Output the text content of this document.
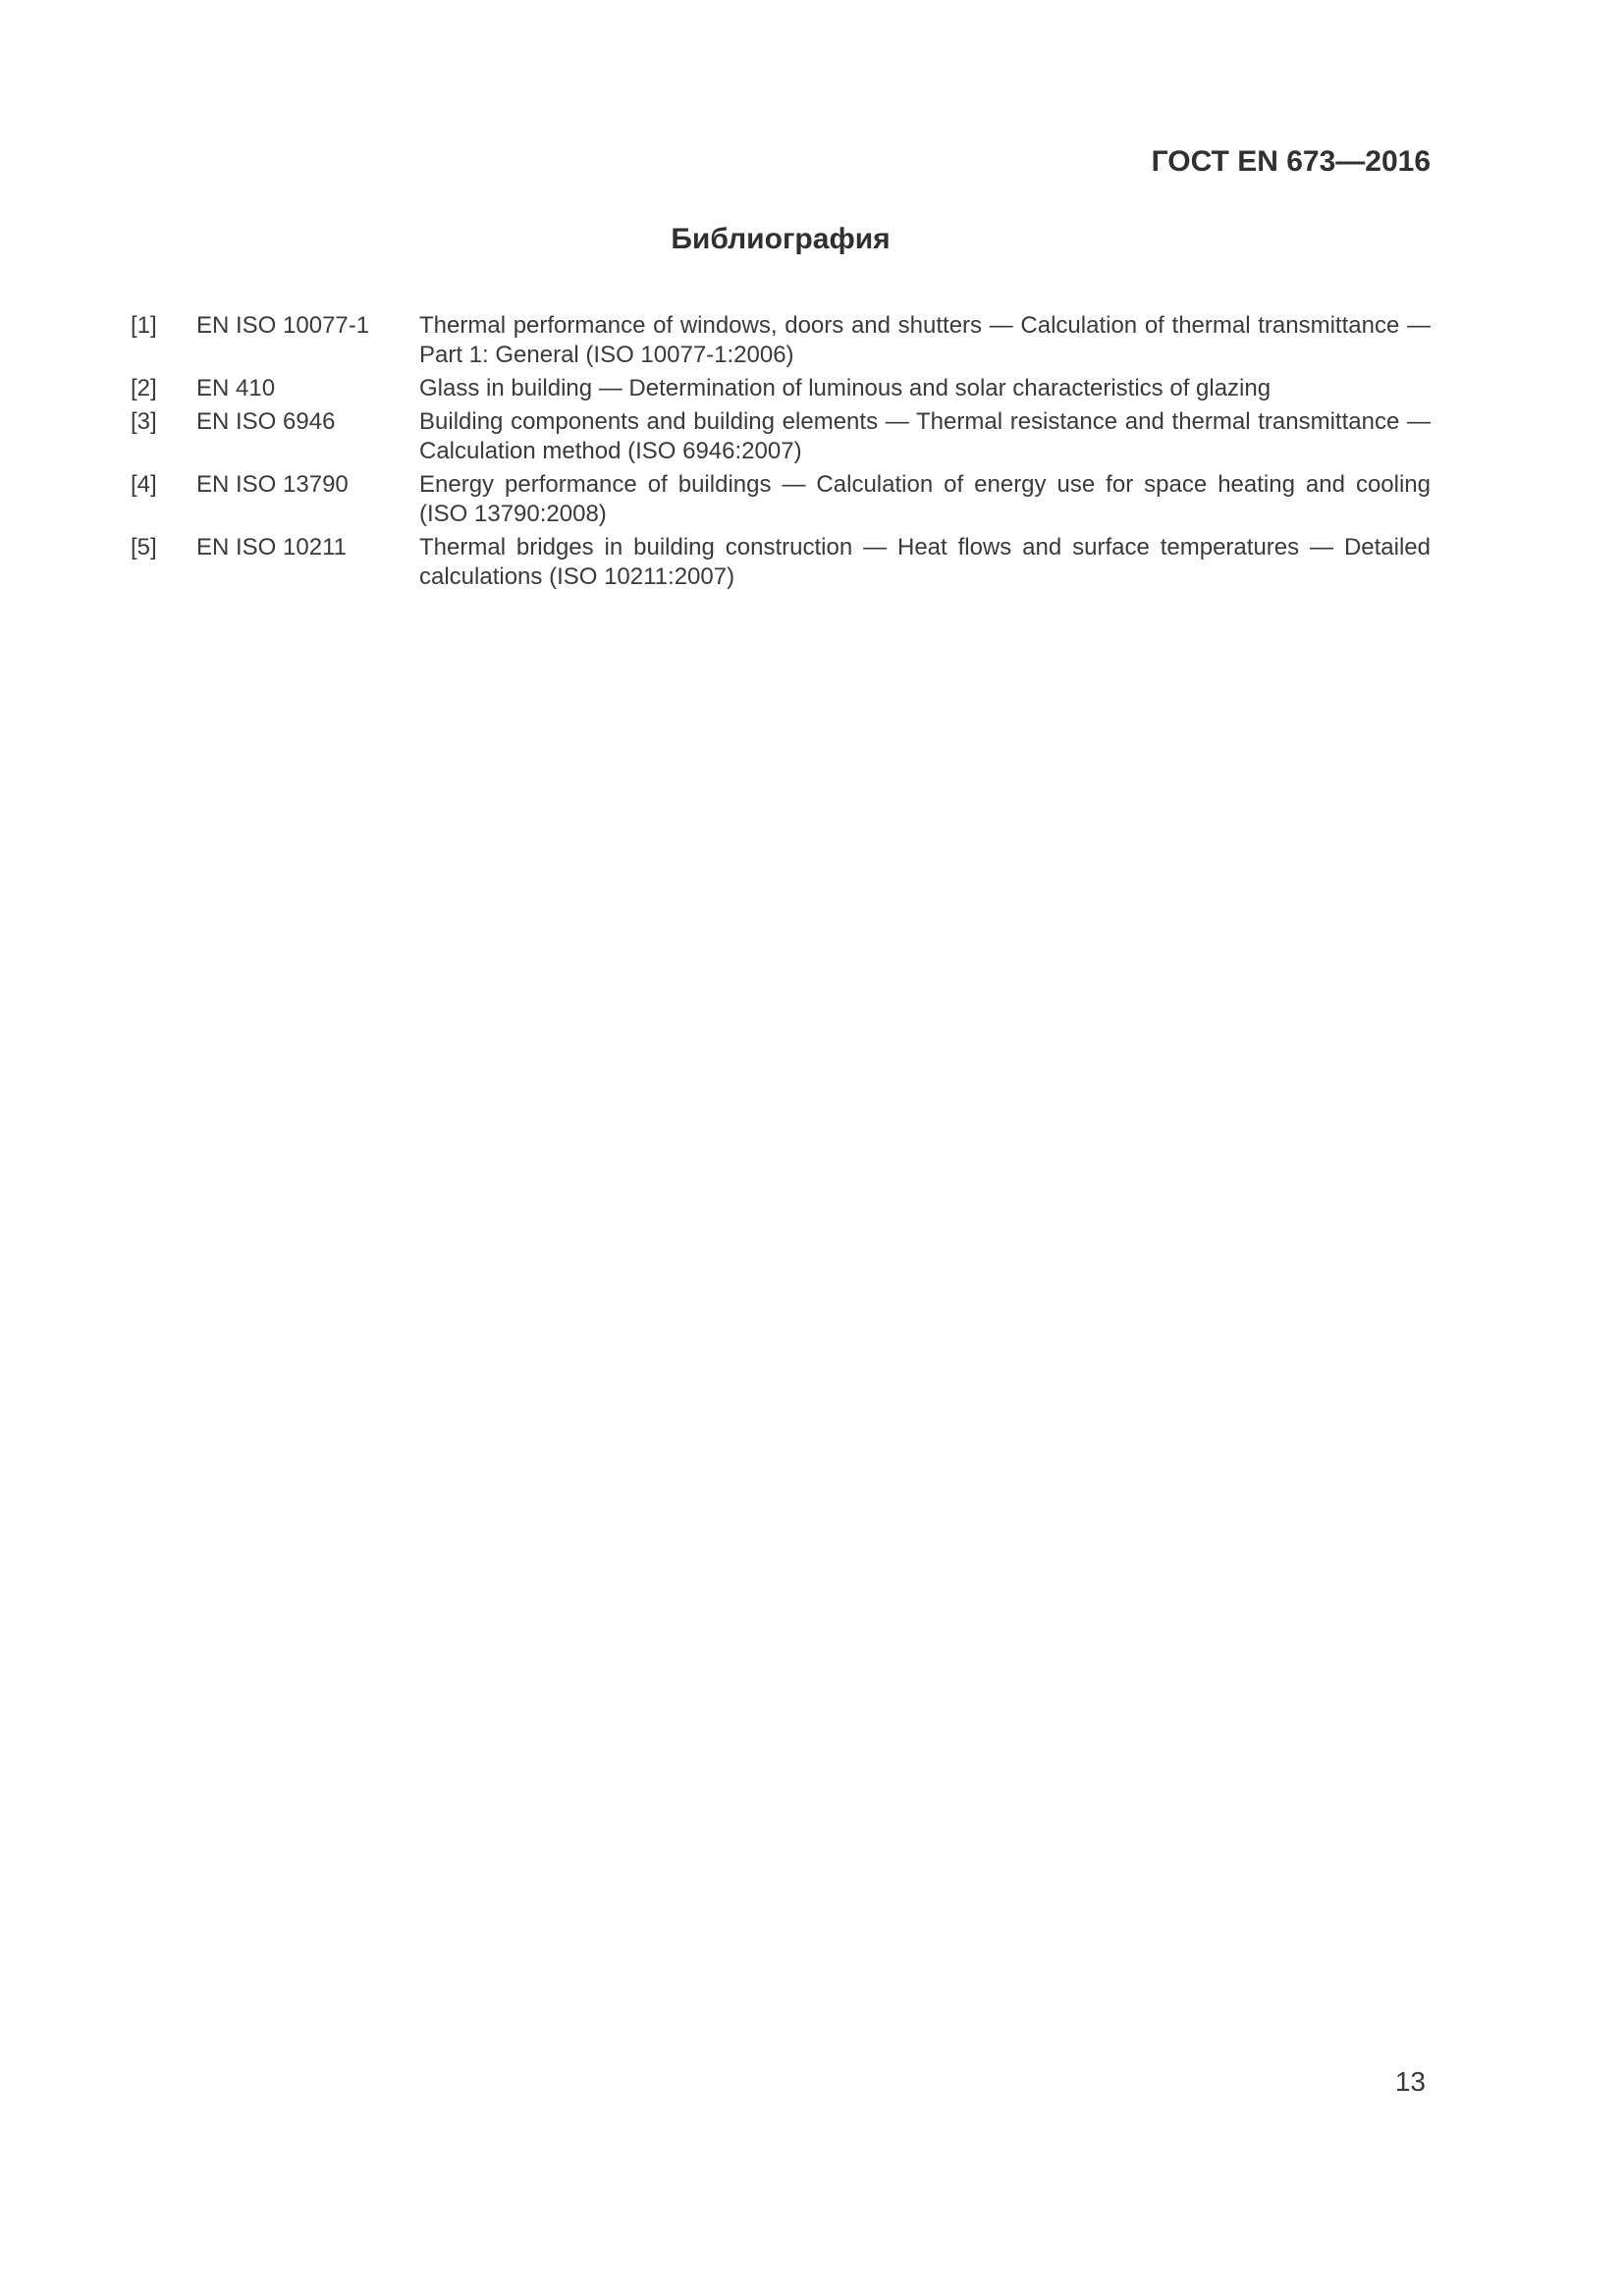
ГОСТ EN 673—2016
Библиография
[1]	EN ISO 10077-1	Thermal performance of windows, doors and shutters — Calculation of thermal transmittance —
Part 1: General (ISO 10077-1:2006)
[2]	EN 410	Glass in building — Determination of luminous and solar characteristics of glazing
[3]	EN ISO 6946	Building components and building elements — Thermal resistance and thermal transmittance —
Calculation method (ISO 6946:2007)
[4]	EN ISO 13790	Energy performance of buildings — Calculation of energy use for space heating and cooling
(ISO 13790:2008)
[5]	EN ISO 10211	Thermal bridges in building construction — Heat flows and surface temperatures — Detailed
calculations (ISO 10211:2007)
13
